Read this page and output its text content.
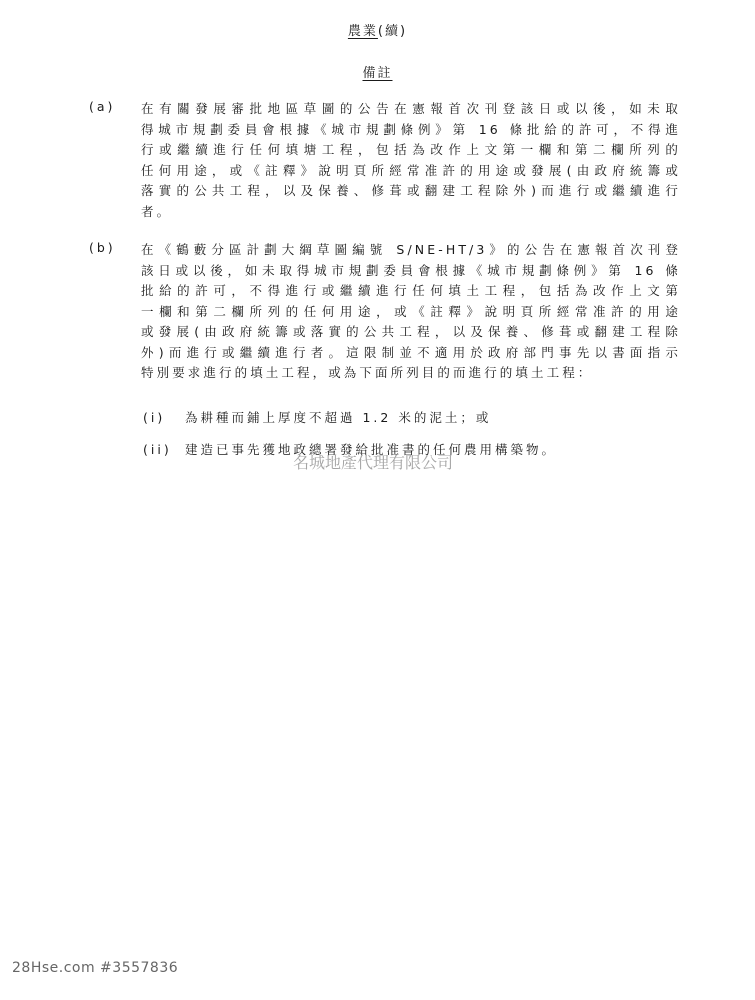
農業(續)
備註
(a) 在有關發展審批地區草圖的公告在憲報首次刊登該日或以後，如未取
得城市規劃委員會根據《城市規劃條例》第 16 條批給的許可，不得進
行或繼續進行任何填塘工程，包括為改作上文第一欄和第二欄所列的
任何用途，或《註釋》說明頁所經常准許的用途或發展(由政府統籌或
落實的公共工程，以及保養、修葺或翻建工程除外)而進行或繼續進行
者。
(b) 在《鶴藪分區計劃大綱草圖編號 S/NE-HT/3》的公告在憲報首次刊登
該日或以後，如未取得城市規劃委員會根據《城市規劃條例》第 16 條
批給的許可，不得進行或繼續進行任何填土工程，包括為改作上文第
一欄和第二欄所列的任何用途，或《註釋》說明頁所經常准許的用途
或發展(由政府統籌或落實的公共工程，以及保養、修葺或翻建工程除
外)而進行或繼續進行者。這限制並不適用於政府部門事先以書面指示
特別要求進行的填土工程，或為下面所列目的而進行的填土工程：
(i) 為耕種而鋪上厚度不超過 1.2 米的泥土；或
(ii) 建造已事先獲地政總署發給批准書的任何農用構築物。
名城地產代理有限公司
28Hse.com #3557836
